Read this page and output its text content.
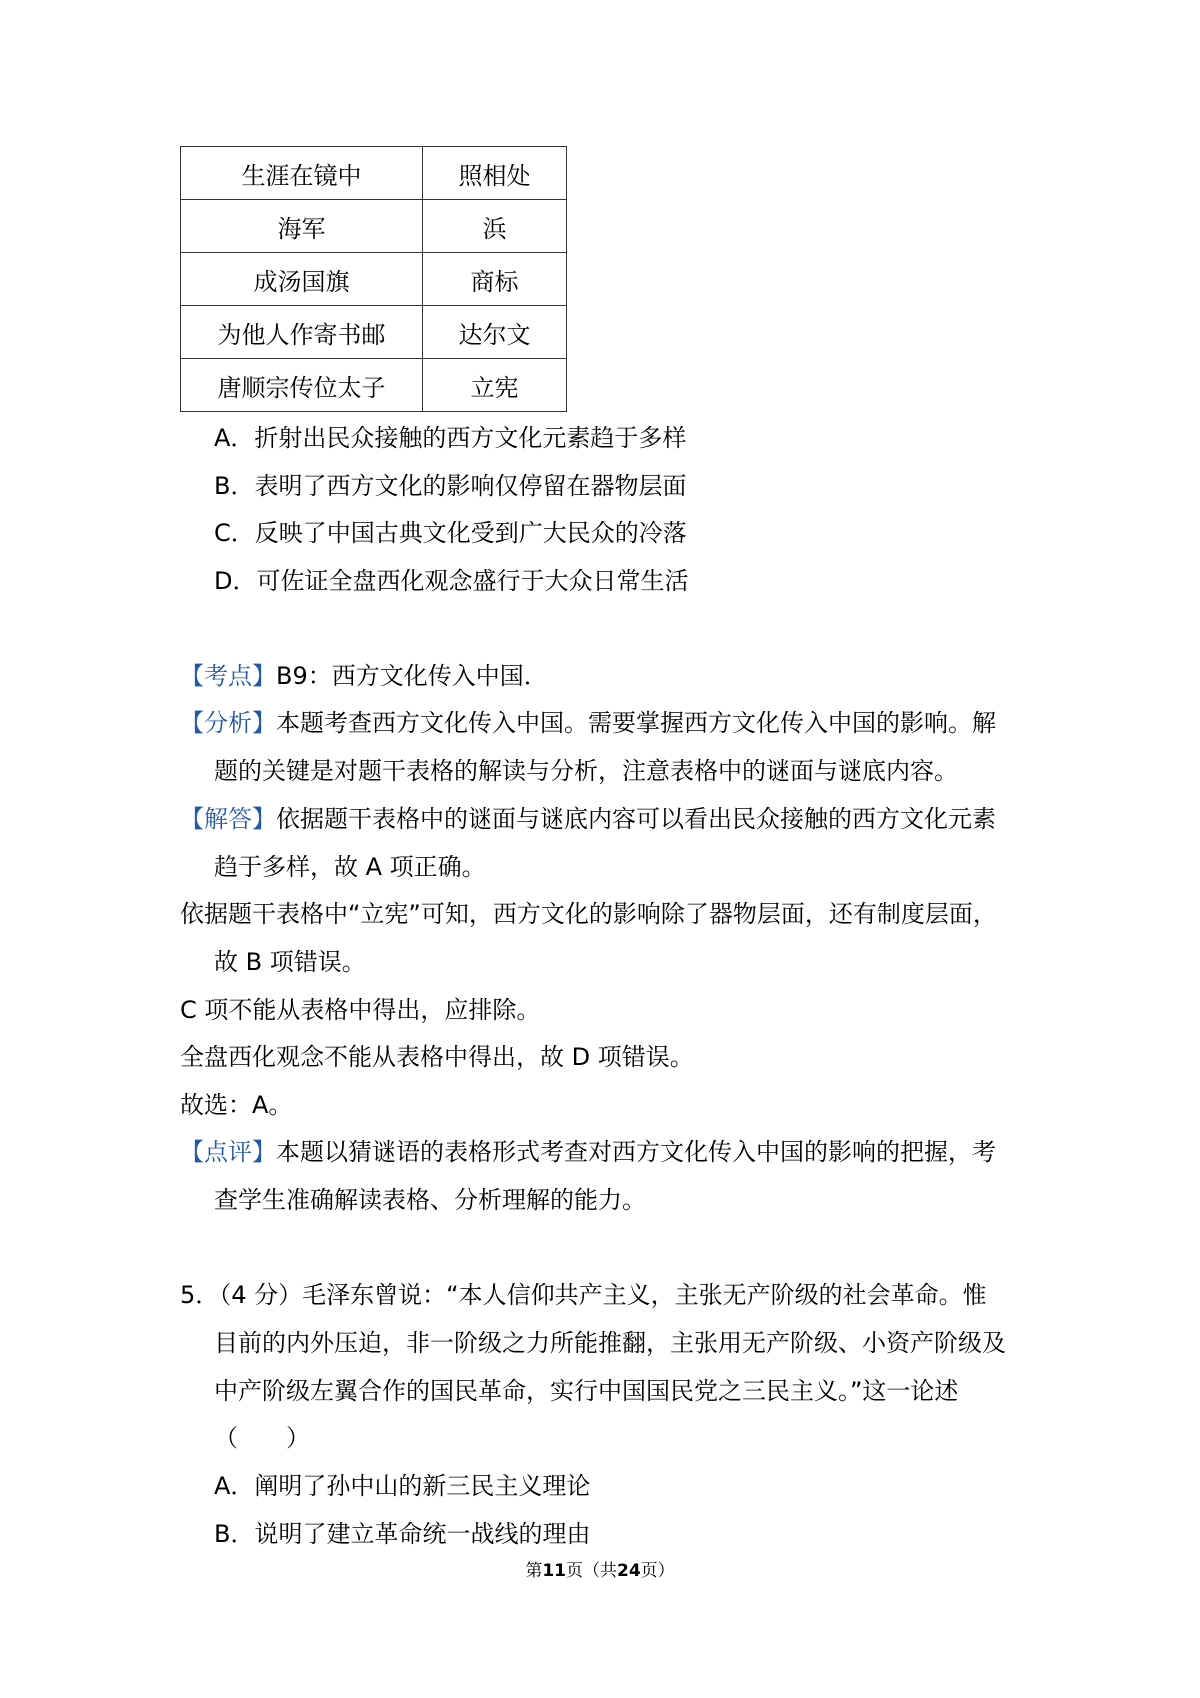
生涯在镜中	照相处
海军	浜
成汤国旗	商标
为他人作寄书邮	达尔文
唐顺宗传位太子	立宪
A．折射出民众接触的西方文化元素趋于多样
B．表明了西方文化的影响仅停留在器物层面
C．反映了中国古典文化受到广大民众的冷落
D．可佐证全盘西化观念盛行于大众日常生活
【考点】B9：西方文化传入中国．
【分析】本题考查西方文化传入中国。需要掌握西方文化传入中国的影响。解
题的关键是对题干表格的解读与分析，注意表格中的谜面与谜底内容。
【解答】依据题干表格中的谜面与谜底内容可以看出民众接触的西方文化元素
趋于多样，故 A 项正确。
依据题干表格中“立宪”可知，西方文化的影响除了器物层面，还有制度层面，
故 B 项错误。
C 项不能从表格中得出，应排除。
全盘西化观念不能从表格中得出，故 D 项错误。
故选：A。
【点评】本题以猜谜语的表格形式考查对西方文化传入中国的影响的把握，考
查学生准确解读表格、分析理解的能力。
5．（4 分）毛泽东曾说：“本人信仰共产主义，主张无产阶级的社会革命。惟
目前的内外压迫，非一阶级之力所能推翻，主张用无产阶级、小资产阶级及
中产阶级左翼合作的国民革命，实行中国国民党之三民主义。”这一论述
（　　）
A．阐明了孙中山的新三民主义理论
B．说明了建立革命统一战线的理由
第11页（共24页）
